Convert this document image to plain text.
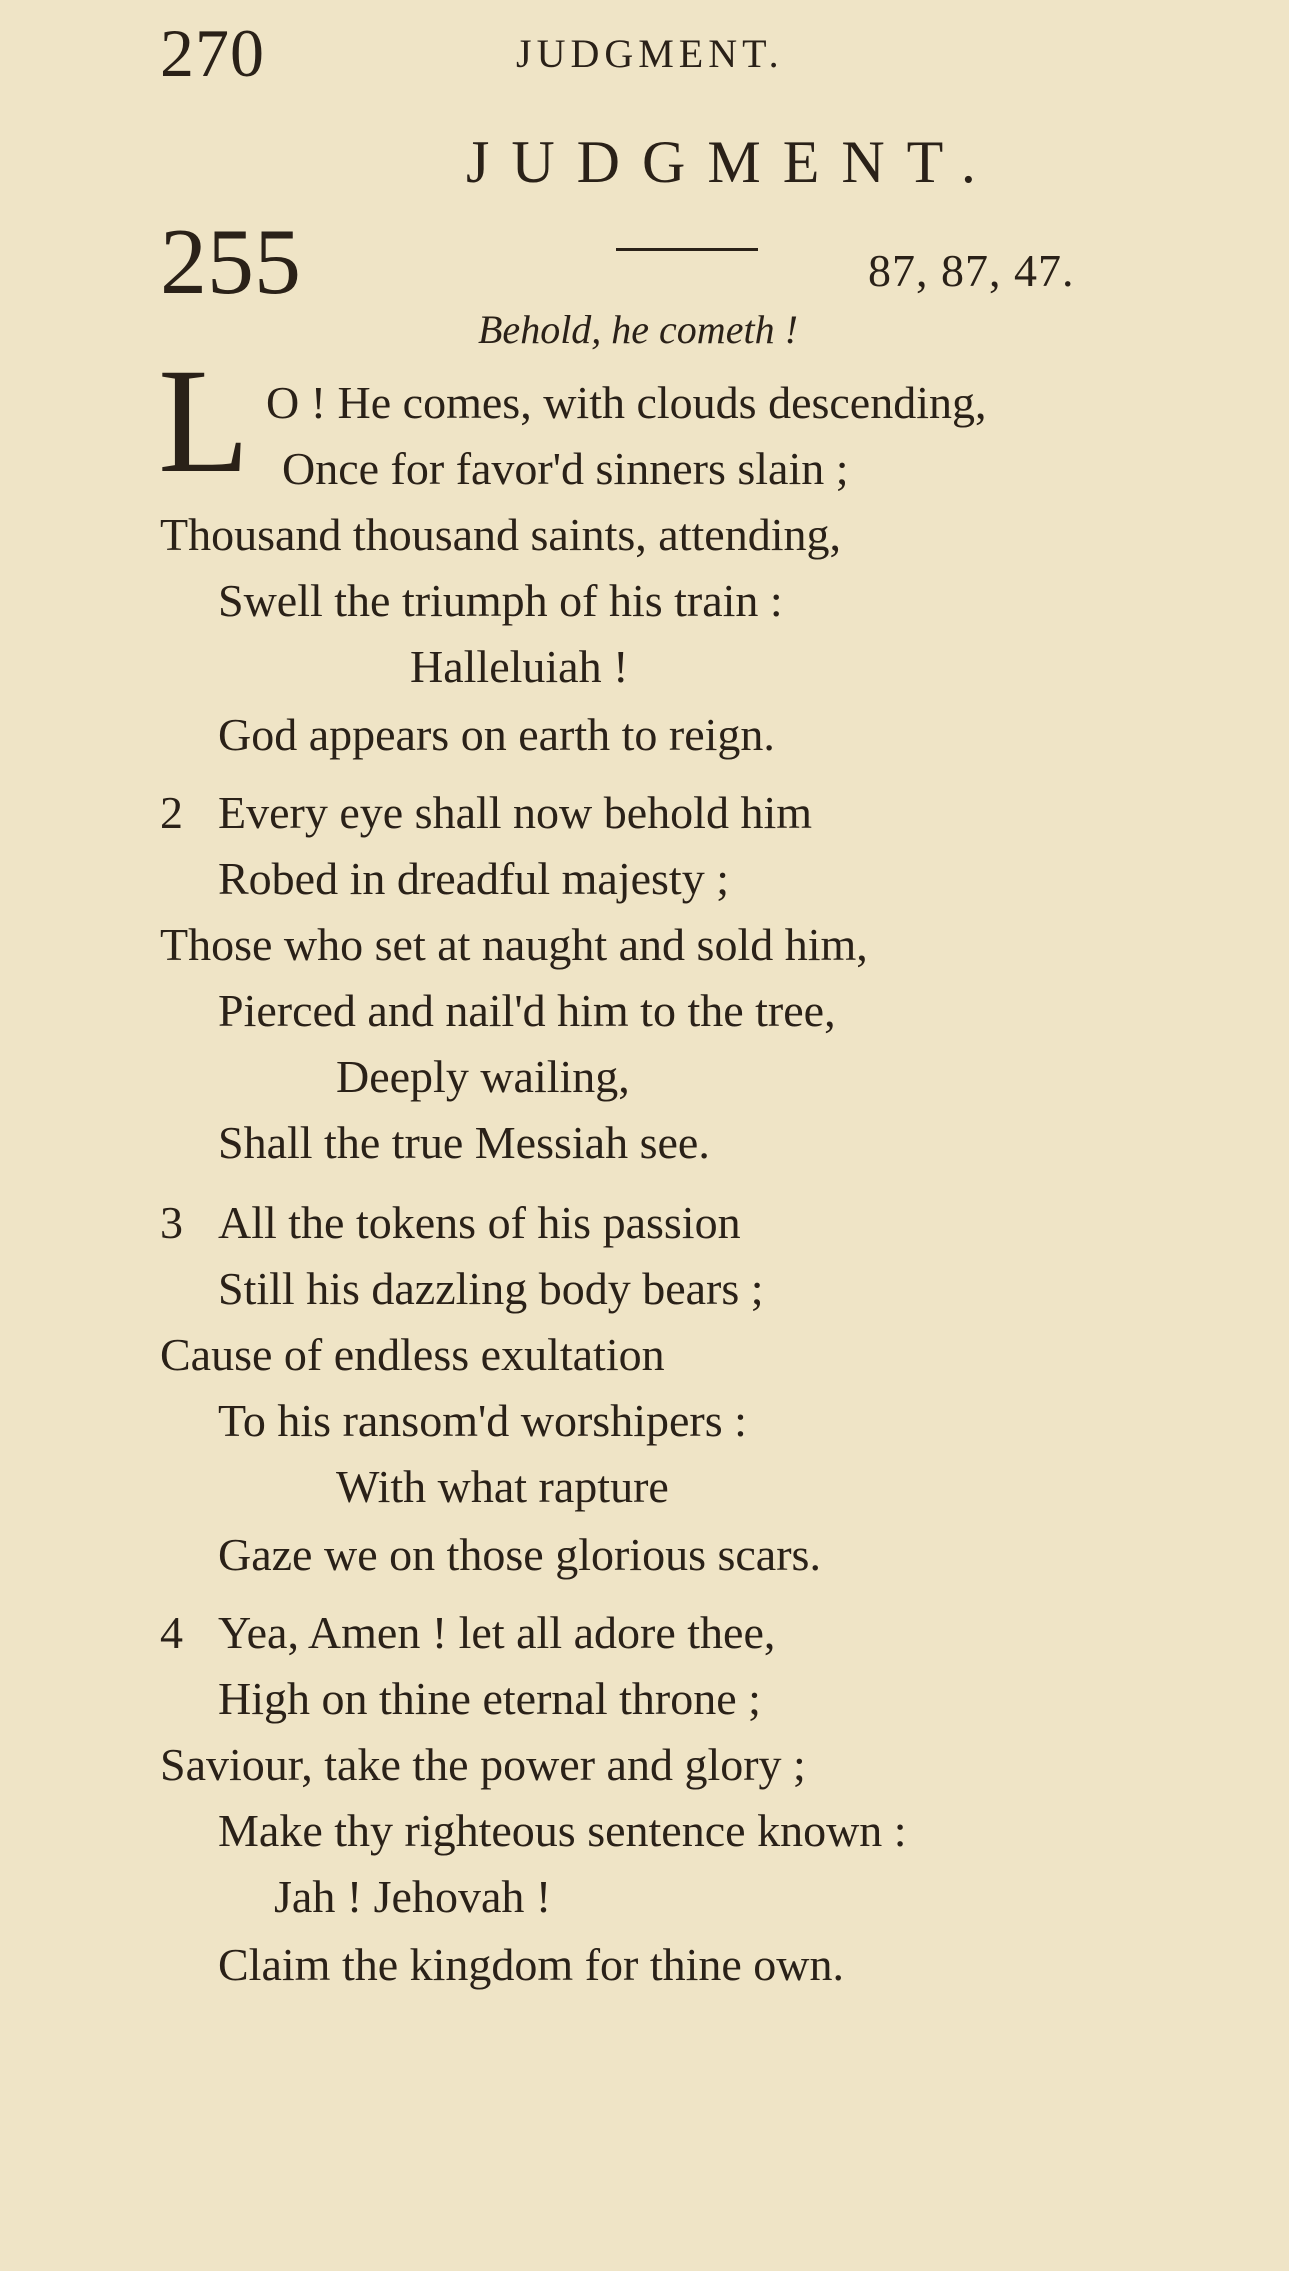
270	JUDGMENT.
JUDGMENT.
255	87, 87, 47.
Behold, he cometh !
L O ! He comes, with clouds descending,
Once for favor'd sinners slain ;
Thousand thousand saints, attending,
Swell the triumph of his train :
Halleluiah !
God appears on earth to reign.
2 Every eye shall now behold him
Robed in dreadful majesty ;
Those who set at naught and sold him,
Pierced and nail'd him to the tree,
Deeply wailing,
Shall the true Messiah see.
3 All the tokens of his passion
Still his dazzling body bears ;
Cause of endless exultation
To his ransom'd worshipers :
With what rapture
Gaze we on those glorious scars.
4 Yea, Amen ! let all adore thee,
High on thine eternal throne ;
Saviour, take the power and glory ;
Make thy righteous sentence known :
Jah ! Jehovah !
Claim the kingdom for thine own.
